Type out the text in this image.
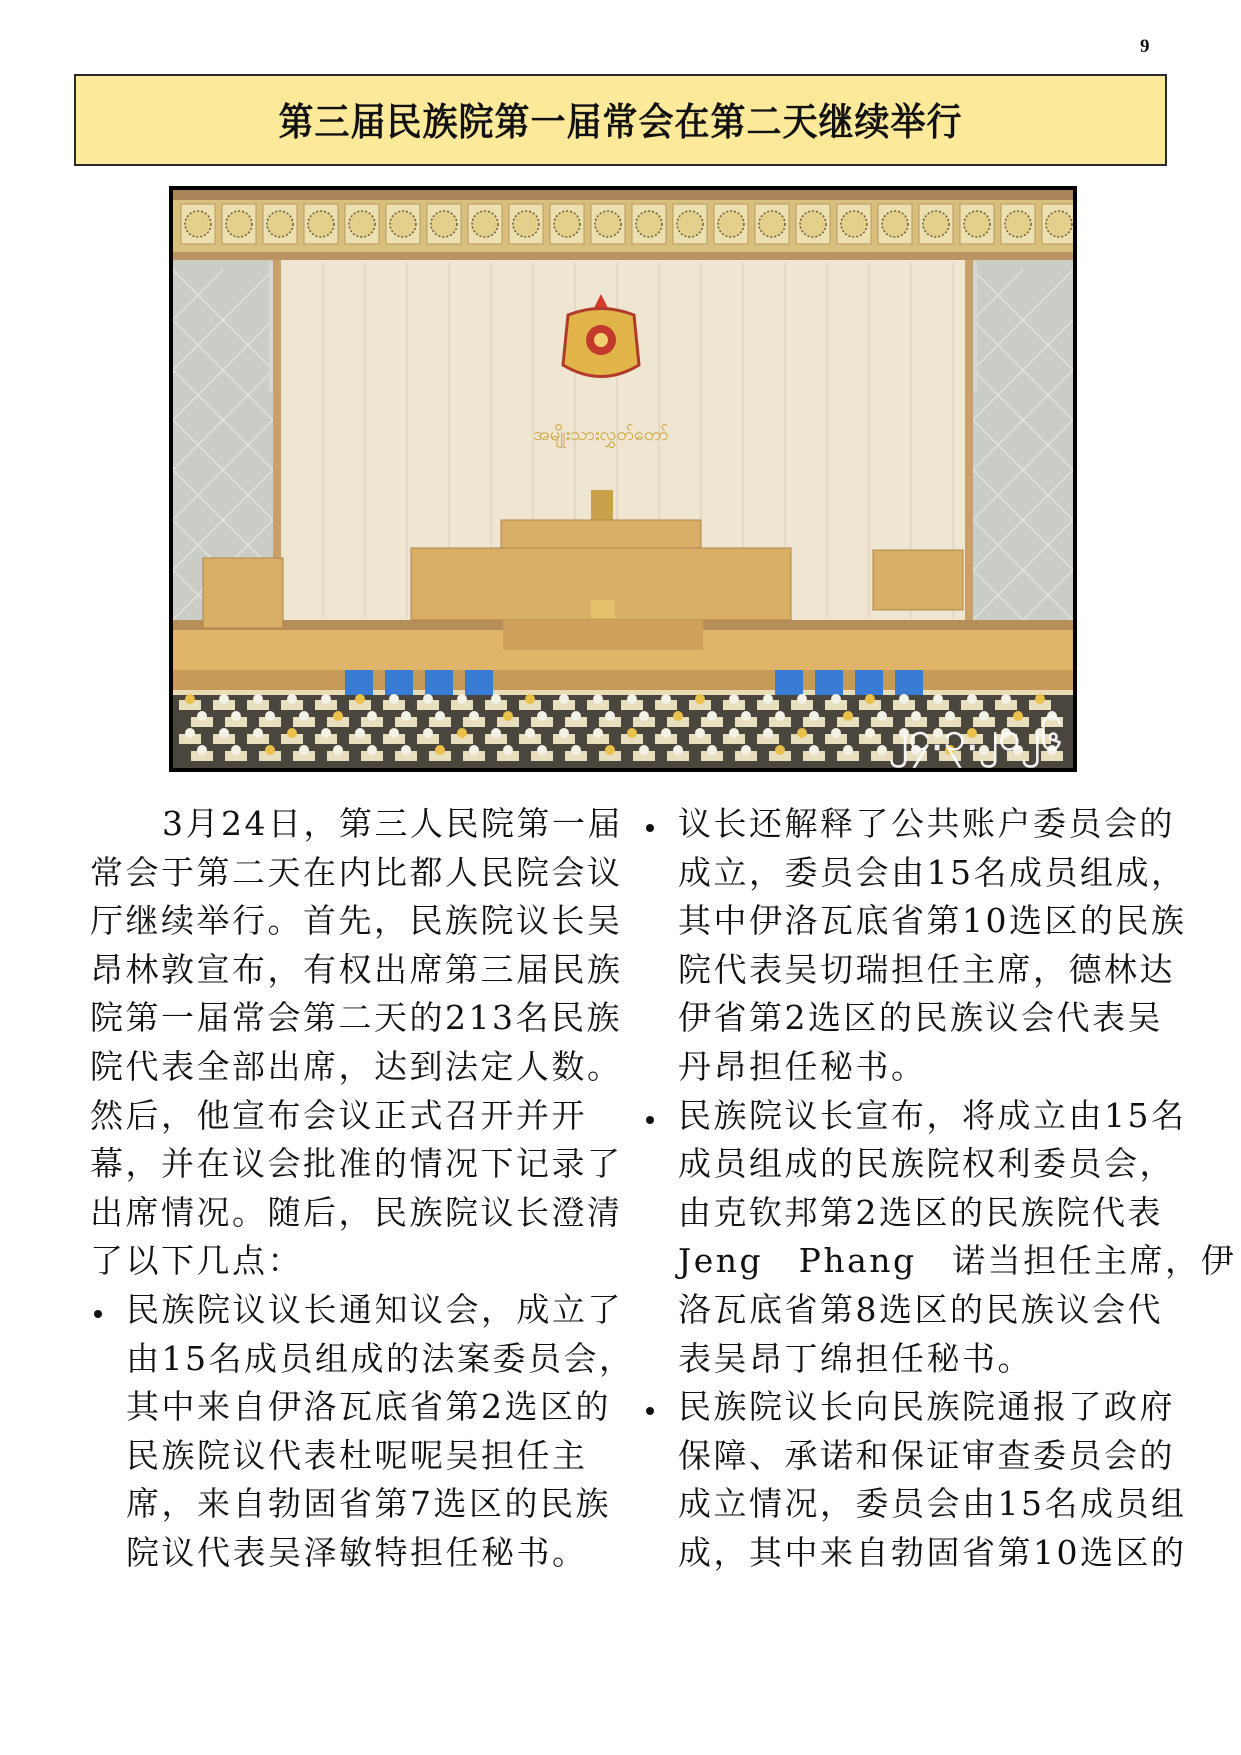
9
第三届民族院第一届常会在第二天继续举行
အမျိုးသားလွှတ်တော်
၂၄.၃.၂၀၂၆
3月24日，第三人民院第一届
常会于第二天在内比都人民院会议
厅继续举行。首先，民族院议长吴
昂林敦宣布，有权出席第三届民族
院第一届常会第二天的213名民族
院代表全部出席，达到法定人数。
然后，他宣布会议正式召开并开
幕，并在议会批准的情况下记录了
出席情况。随后，民族院议长澄清
了以下几点：
民族院议议长通知议会，成立了
由15名成员组成的法案委员会，
其中来自伊洛瓦底省第2选区的
民族院议代表杜呢呢吴担任主
席，来自勃固省第7选区的民族
院议代表吴泽敏特担任秘书。
议长还解释了公共账户委员会的
成立，委员会由15名成员组成，
其中伊洛瓦底省第10选区的民族
院代表吴切瑞担任主席，德林达
伊省第2选区的民族议会代表吴
丹昂担任秘书。
民族院议长宣布，将成立由15名
成员组成的民族院权利委员会，
由克钦邦第2选区的民族院代表
Jeng　Phang　诺当担任主席，伊
洛瓦底省第8选区的民族议会代
表吴昂丁绵担任秘书。
民族院议长向民族院通报了政府
保障、承诺和保证审查委员会的
成立情况，委员会由15名成员组
成，其中来自勃固省第10选区的
